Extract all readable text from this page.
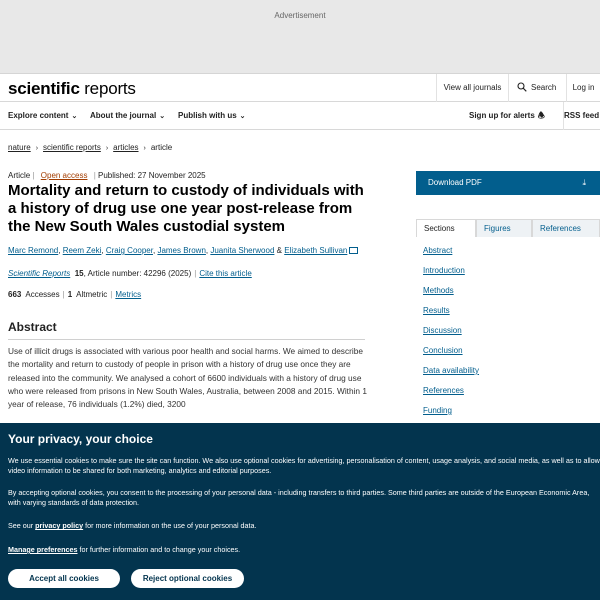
Advertisement
scientific reports	View all journals	Search	Log in
Explore content ⌄ About the journal ⌄ Publish with us ⌄	Sign up for alerts 🕭 RSS feed
nature › scientific reports › articles › article
Article | Open access | Published: 27 November 2025
Mortality and return to custody of individuals with a history of drug use one year post-release from the New South Wales custodial system
Marc Remond, Reem Zeki, Craig Cooper, James Brown, Juanita Sherwood & Elizabeth Sullivan
Scientific Reports 15, Article number: 42296 (2025) | Cite this article
663 Accesses | 1 Altmetric | Metrics
Abstract

Use of illicit drugs is associated with various poor health and social harms. We aimed to describe the mortality and return to custody of people in prison with a history of drug use once they are released into the community. We analysed a cohort of 6600 individuals with a history of drug use who were released from prisons in New South Wales, Australia, between 2008 and 2015. Within 1 year of release, 76 individuals (1.2%) died, 3200

Download PDF	⤓
Sections	Figures	References
Abstract
Introduction
Methods
Results
Discussion
Conclusion
Data availability
References
Funding
Your privacy, your choice

We use essential cookies to make sure the site can function. We also use optional cookies for advertising, personalisation of content, usage analysis, and social media, as well as to allow video information to be shared for both marketing, analytics and editorial purposes.

By accepting optional cookies, you consent to the processing of your personal data - including transfers to third parties. Some third parties are outside of the European Economic Area, with varying standards of data protection.

See our privacy policy for more information on the use of your personal data.

Manage preferences for further information and to change your choices.

Accept all cookies	Reject optional cookies
